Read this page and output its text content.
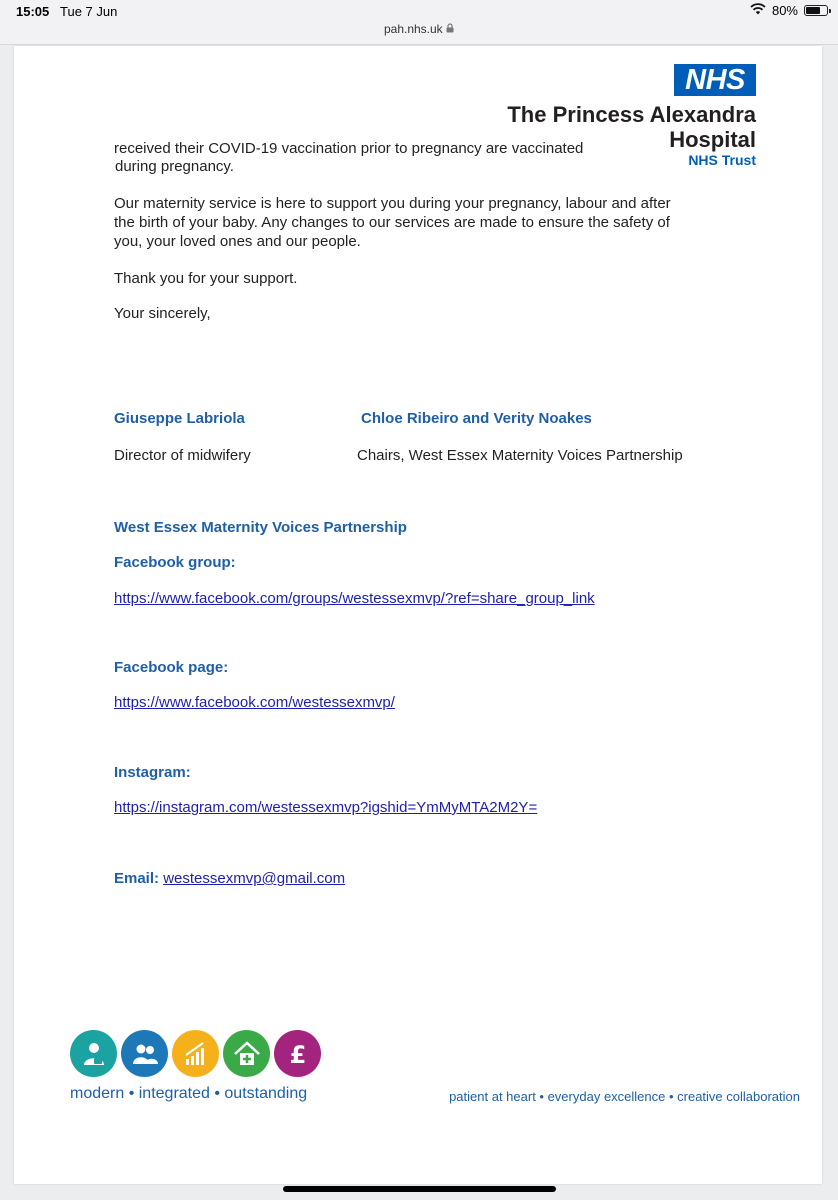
15:05 Tue 7 Jun	80%
pah.nhs.uk
NHS
The Princess Alexandra
Hospital
NHS Trust

received their COVID-19 vaccination prior to pregnancy are vaccinated

during pregnancy.

Our maternity service is here to support you during your pregnancy, labour and after

the birth of your baby. Any changes to our services are made to ensure the safety of

you, your loved ones and our people.

Thank you for your support.

Your sincerely,

Giuseppe Labriola	Chloe Ribeiro and Verity Noakes

Director of midwifery	Chairs, West Essex Maternity Voices Partnership

West Essex Maternity Voices Partnership

Facebook group:

https://www.facebook.com/groups/westessexmvp/?ref=share_group_link

Facebook page:

https://www.facebook.com/westessexmvp/

Instagram:

https://instagram.com/westessexmvp?igshid=YmMyMTA2M2Y=

Email: westessexmvp@gmail.com

£
modern • integrated • outstanding	patient at heart • everyday excellence • creative collaboration
